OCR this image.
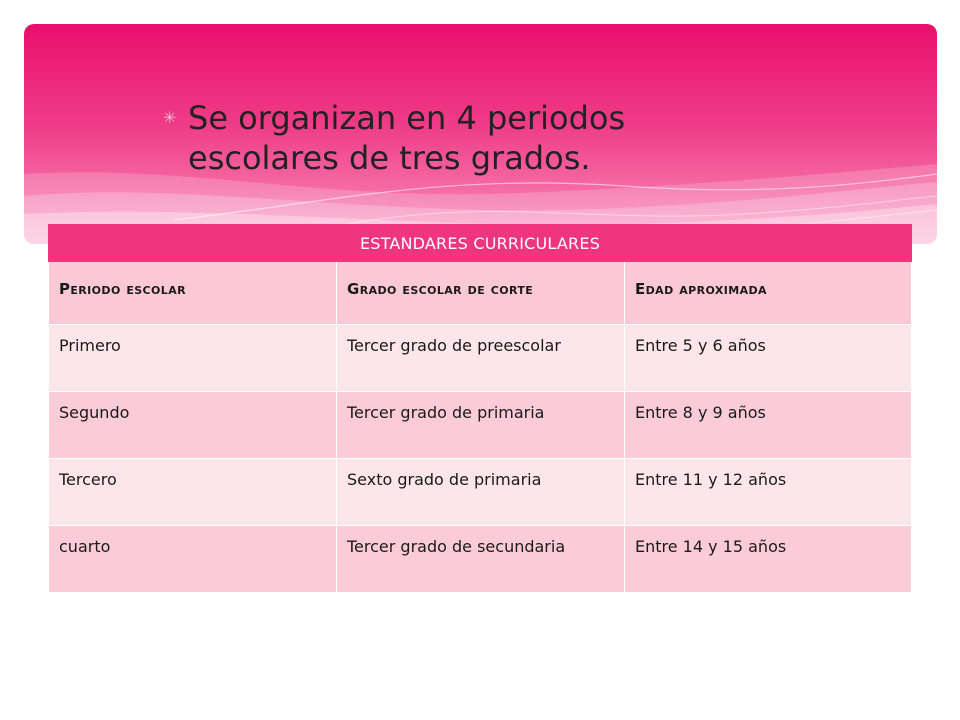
✳ Se organizan en 4 periodos escolares de tres grados.
ESTANDARES CURRICULARES		
Periodo escolar	Grado escolar de corte	Edad aproximada
Primero	Tercer grado de preescolar	Entre 5 y 6 años
Segundo	Tercer grado de primaria	Entre 8 y 9 años
Tercero	Sexto grado de primaria	Entre 11 y 12 años
cuarto	Tercer grado de secundaria	Entre 14 y 15 años
